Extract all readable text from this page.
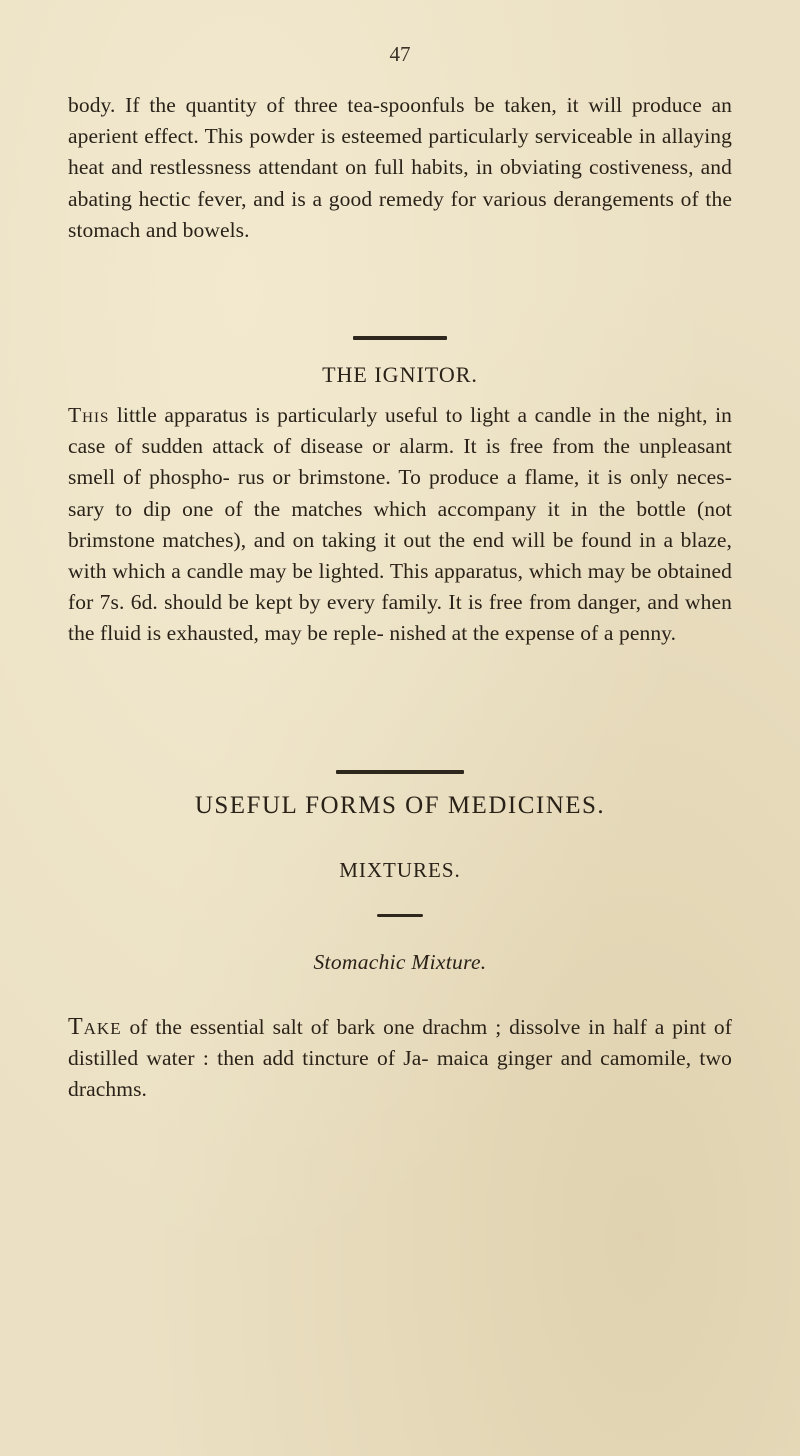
47

body. If the quantity of three tea-spoonfuls be taken, it will produce an aperient effect. This powder is esteemed particularly serviceable in allaying heat and restlessness attendant on full habits, in obviating costiveness, and abating hectic fever, and is a good remedy for various derangements of the stomach and bowels.

THE IGNITOR.

This little apparatus is particularly useful to light a candle in the night, in case of sudden attack of disease or alarm. It is free from the unpleasant smell of phospho- rus or brimstone. To produce a flame, it is only neces- sary to dip one of the matches which accompany it in the bottle (not brimstone matches), and on taking it out the end will be found in a blaze, with which a candle may be lighted. This apparatus, which may be obtained for 7s. 6d. should be kept by every family. It is free from danger, and when the fluid is exhausted, may be reple- nished at the expense of a penny.

USEFUL FORMS OF MEDICINES.
MIXTURES.
Stomachic Mixture.

Take of the essential salt of bark one drachm ; dissolve in half a pint of distilled water : then add tincture of Ja- maica ginger and camomile, two drachms.
